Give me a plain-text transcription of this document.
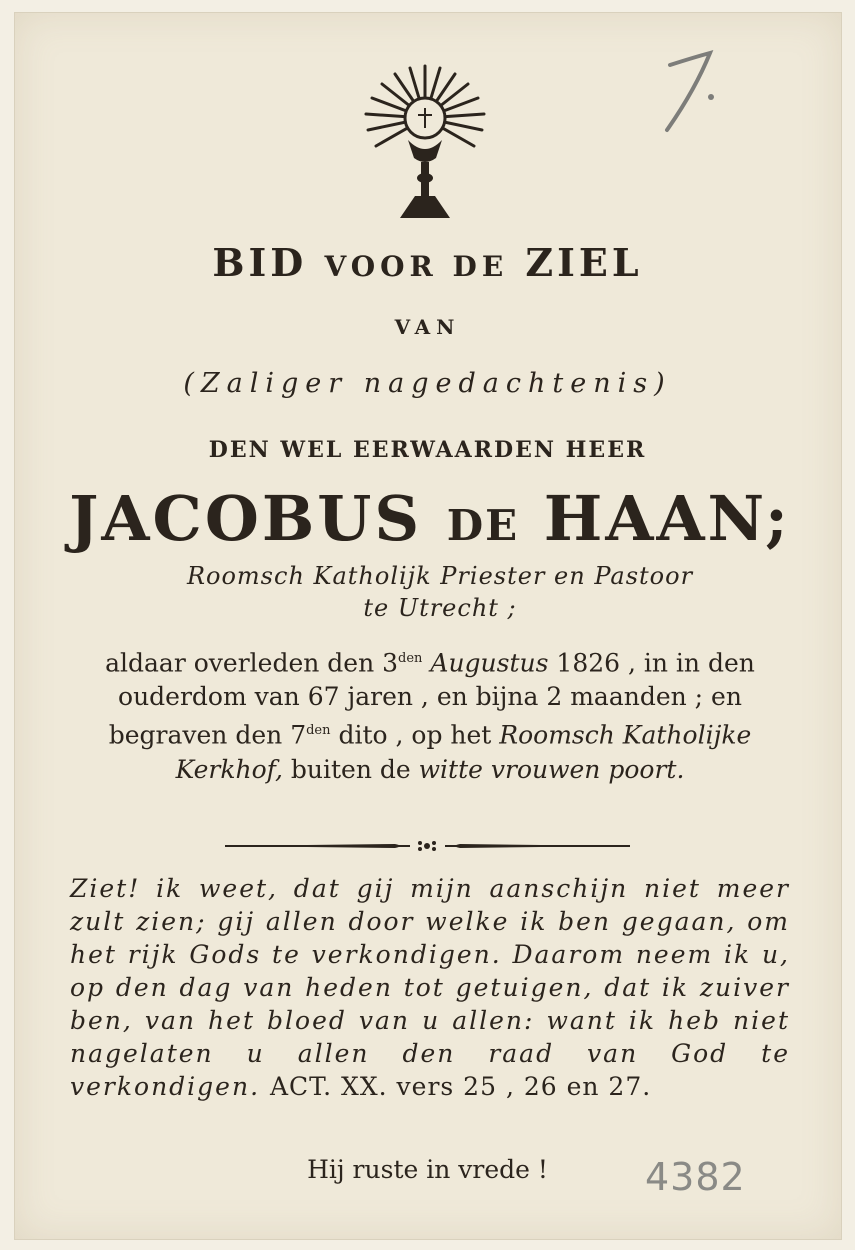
BID VOOR DE ZIEL
VAN
(Zaliger nagedachtenis)
DEN WEL EERWAARDEN HEER
JACOBUS DE HAAN;
Roomsch Katholijk Priester en Pastoor
te Utrecht ;
aldaar overleden den $3^{den}$ Augustus 1826 , in in den ouderdom van 67 jaren , en bijna 2 maanden ; en begraven den $7^{den}$ dito , op het Roomsch Katholijke Kerkhof, buiten de witte vrouwen poort.
Ziet! ik weet, dat gij mijn aanschijn niet meer zult zien; gij allen door welke ik ben gegaan, om het rijk Gods te verkondigen. Daarom neem ik u, op den dag van heden tot getuigen, dat ik zuiver ben, van het bloed van u allen: want ik heb niet nagelaten u allen den raad van God te verkondigen. ACT. XX. vers 25 , 26 en 27.
Hij ruste in vrede !	4382
